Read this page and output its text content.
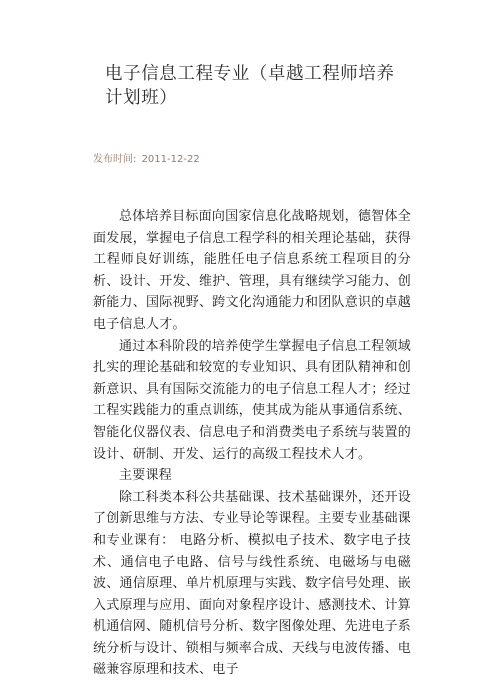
电子信息工程专业（卓越工程师培养计划班）
发布时间: 2011-12-22

总体培养目标面向国家信息化战略规划，德智体全面发展，掌握电子信息工程学科的相关理论基础，获得工程师良好训练，能胜任电子信息系统工程项目的分析、设计、开发、维护、管理，具有继续学习能力、创新能力、国际视野、跨文化沟通能力和团队意识的卓越电子信息人才。

通过本科阶段的培养使学生掌握电子信息工程领域扎实的理论基础和较宽的专业知识、具有团队精神和创新意识、具有国际交流能力的电子信息工程人才；经过工程实践能力的重点训练，使其成为能从事通信系统、智能化仪器仪表、信息电子和消费类电子系统与装置的设计、研制、开发、运行的高级工程技术人才。

主要课程

除工科类本科公共基础课、技术基础课外，还开设了创新思维与方法、专业导论等课程。主要专业基础课和专业课有： 电路分析、模拟电子技术、数字电子技术、通信电子电路、信号与线性系统、电磁场与电磁波、通信原理、单片机原理与实践、数字信号处理、嵌入式原理与应用、面向对象程序设计、感测技术、计算机通信网、随机信号分析、数字图像处理、先进电子系统分析与设计、锁相与频率合成、天线与电波传播、电磁兼容原理和技术、电子
